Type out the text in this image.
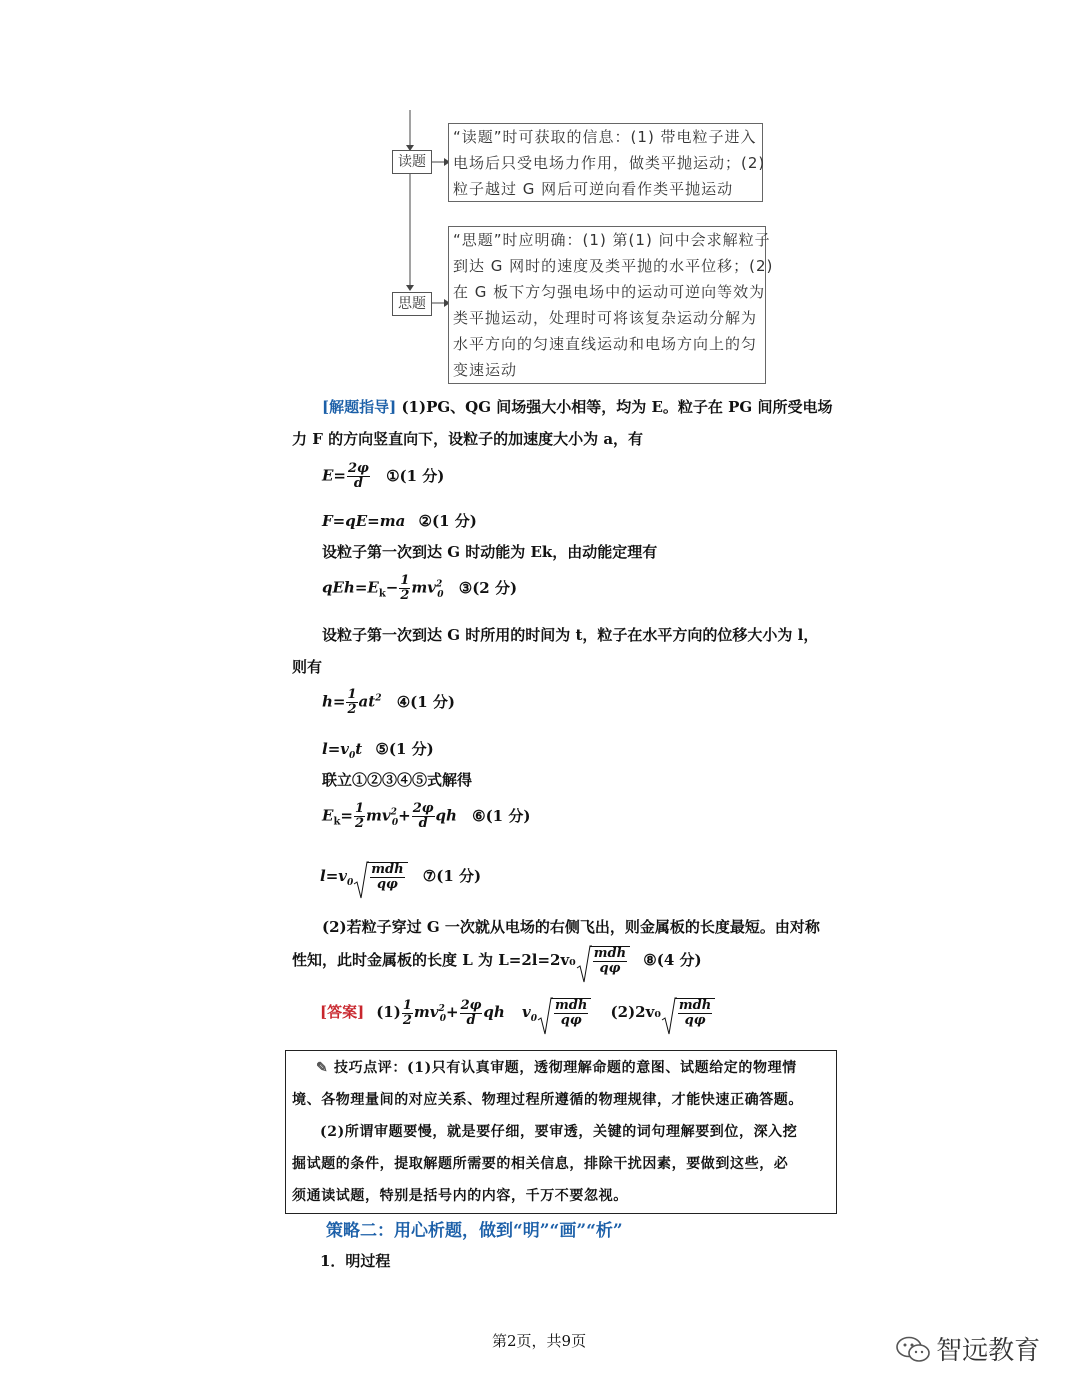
读题
思题
“读题”时可获取的信息：(1) 带电粒子进入
电场后只受电场力作用，做类平抛运动；(2)
粒子越过 G 网后可逆向看作类平抛运动
“思题”时应明确：(1) 第(1) 问中会求解粒子
到达 G 网时的速度及类平抛的水平位移；(2)
在 G 板下方匀强电场中的运动可逆向等效为
类平抛运动，处理时可将该复杂运动分解为
水平方向的匀速直线运动和电场方向上的匀
变速运动
[解题指导] (1)PG、QG 间场强大小相等，均为 E。粒子在 PG 间所受电场
力 F 的方向竖直向下，设粒子的加速度大小为 a，有
$E= \frac{2\varphi}{d}$ ①(1 分)
F=qE=ma ②(1 分)
设粒子第一次到达 G 时动能为 Ek，由动能定理有
$qEh=E_k- \frac{1}{2} mv^2_0$ ③(2 分)
设粒子第一次到达 G 时所用的时间为 t，粒子在水平方向的位移大小为 l，
则有
$h= \frac{1}{2} at^2$ ④(1 分)
$l=v_0t$ ⑤(1 分)
联立①②③④⑤式解得
$E_k= \frac{1}{2} mv^2_0+ \frac{2\varphi}{d}$ qh ⑥(1 分)
$l=v_0 \frac{\text{mdh}}{q\varphi}$ ⑦(1 分)
(2)若粒子穿过 G 一次就从电场的右侧飞出，则金属板的长度最短。由对称
性知，此时金属板的长度 L 为 $L=2l=2v_0 \frac{\text{mdh}}{q\varphi}$ ⑧(4 分)
[答案] $(1) \frac{1}{2} mv^2_0+ \frac{2\varphi}{d}$ qh $v_0 \frac{\text{mdh}}{q\varphi} (2)2v_0 \frac{\text{mdh}}{q\varphi}$
✎ 技巧点评：(1)只有认真审题，透彻理解命题的意图、试题给定的物理情
境、各物理量间的对应关系、物理过程所遵循的物理规律，才能快速正确答题。
(2)所谓审题要慢，就是要仔细，要审透，关键的词句理解要到位，深入挖
掘试题的条件，提取解题所需要的相关信息，排除干扰因素，要做到这些，必
须通读试题，特别是括号内的内容，千万不要忽视。
策略二：用心析题，做到“明”“画”“析”
1．明过程
第2页，共9页	智远教育
